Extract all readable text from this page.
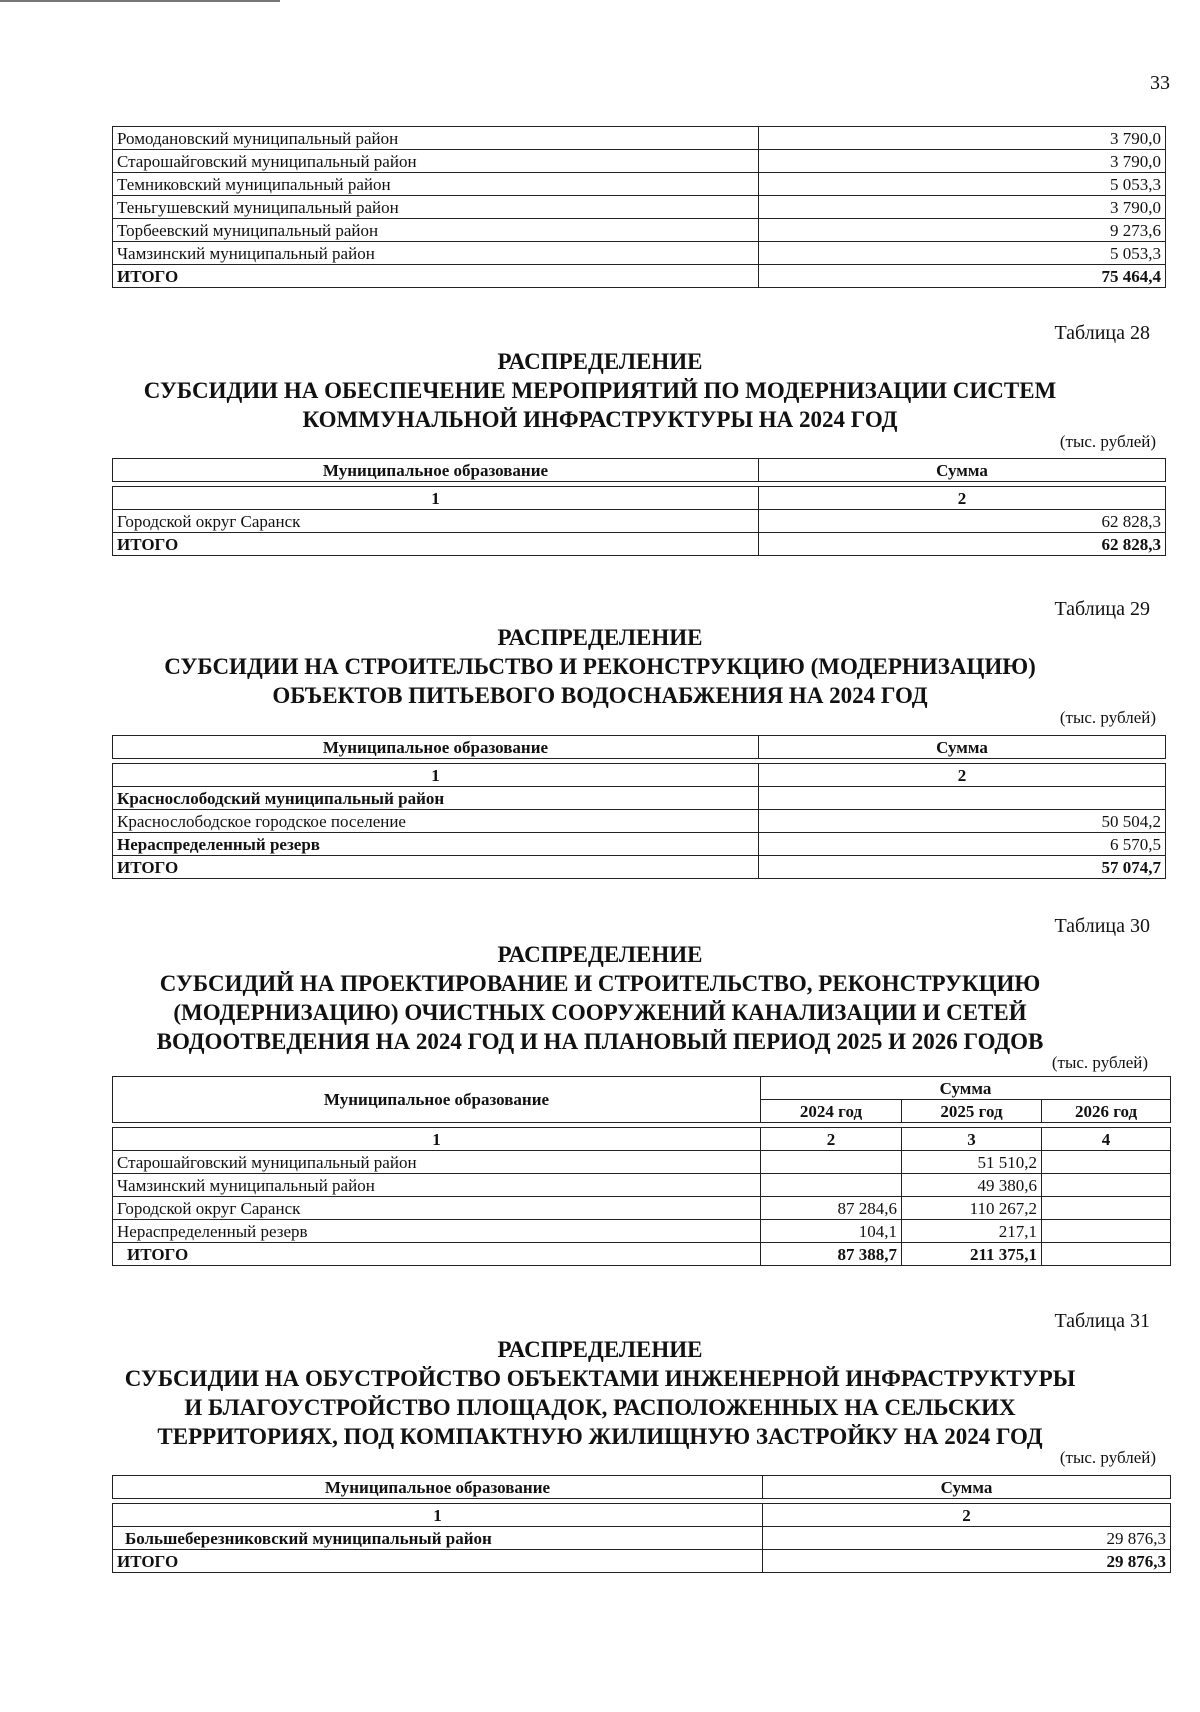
33
Ромодановский муниципальный район	3 790,0
Старошайговский муниципальный район	3 790,0
Темниковский муниципальный район	5 053,3
Теньгушевский муниципальный район	3 790,0
Торбеевский муниципальный район	9 273,6
Чамзинский муниципальный район	5 053,3
ИТОГО	75 464,4
Таблица 28
РАСПРЕДЕЛЕНИЕ
СУБСИДИИ НА ОБЕСПЕЧЕНИЕ МЕРОПРИЯТИЙ ПО МОДЕРНИЗАЦИИ СИСТЕМ
КОММУНАЛЬНОЙ ИНФРАСТРУКТУРЫ НА 2024 ГОД
(тыс. рублей)
Муниципальное образование	Сумма

1	2
Городской округ Саранск	62 828,3
ИТОГО	62 828,3
Таблица 29
РАСПРЕДЕЛЕНИЕ
СУБСИДИИ НА СТРОИТЕЛЬСТВО И РЕКОНСТРУКЦИЮ (МОДЕРНИЗАЦИЮ)
ОБЪЕКТОВ ПИТЬЕВОГО ВОДОСНАБЖЕНИЯ НА 2024 ГОД
(тыс. рублей)
Муниципальное образование	Сумма

1	2
Краснослободский муниципальный район	
Краснослободское городское поселение	50 504,2
Нераспределенный резерв	6 570,5
ИТОГО	57 074,7
Таблица 30
РАСПРЕДЕЛЕНИЕ
СУБСИДИЙ НА ПРОЕКТИРОВАНИЕ И СТРОИТЕЛЬСТВО, РЕКОНСТРУКЦИЮ
(МОДЕРНИЗАЦИЮ) ОЧИСТНЫХ СООРУЖЕНИЙ КАНАЛИЗАЦИИ И СЕТЕЙ
ВОДООТВЕДЕНИЯ НА 2024 ГОД И НА ПЛАНОВЫЙ ПЕРИОД 2025 И 2026 ГОДОВ
(тыс. рублей)
Муниципальное образование	Сумма		
	2024 год	2025 год	2026 год

1	2	3	4
Старошайговский муниципальный район		51 510,2	
Чамзинский муниципальный район		49 380,6	
Городской округ Саранск	87 284,6	110 267,2	
Нераспределенный резерв	104,1	217,1	
ИТОГО	87 388,7	211 375,1	
Таблица 31
РАСПРЕДЕЛЕНИЕ
СУБСИДИИ НА ОБУСТРОЙСТВО ОБЪЕКТАМИ ИНЖЕНЕРНОЙ ИНФРАСТРУКТУРЫ
И БЛАГОУСТРОЙСТВО ПЛОЩАДОК, РАСПОЛОЖЕННЫХ НА СЕЛЬСКИХ
ТЕРРИТОРИЯХ, ПОД КОМПАКТНУЮ ЖИЛИЩНУЮ ЗАСТРОЙКУ НА 2024 ГОД
(тыс. рублей)
Муниципальное образование	Сумма

1	2
Большеберезниковский муниципальный район	29 876,3
ИТОГО	29 876,3
